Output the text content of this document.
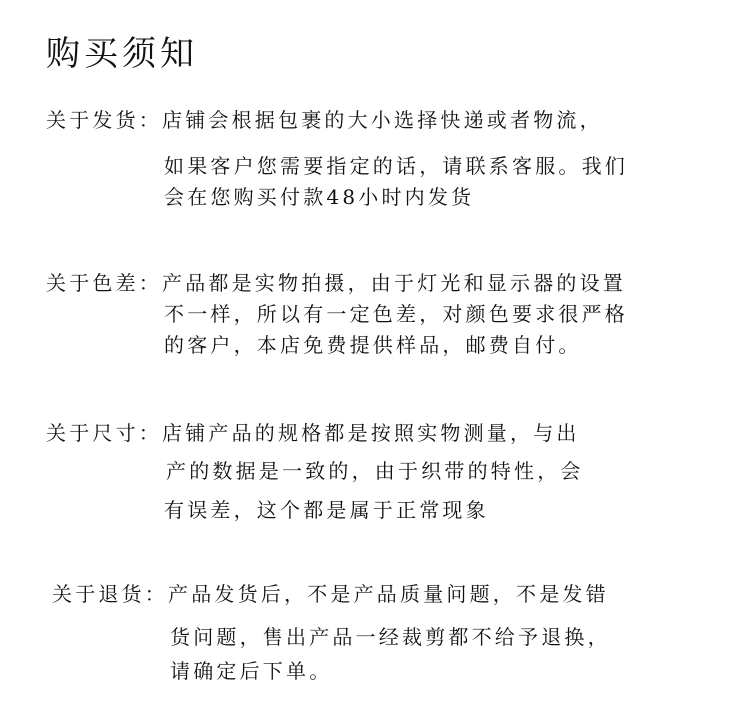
购买须知
关于发货：店铺会根据包裹的大小选择快递或者物流，
如果客户您需要指定的话，请联系客服。我们
会在您购买付款48小时内发货
关于色差：产品都是实物拍摄，由于灯光和显示器的设置
不一样，所以有一定色差，对颜色要求很严格
的客户，本店免费提供样品，邮费自付。
关于尺寸：店铺产品的规格都是按照实物测量，与出
产的数据是一致的，由于织带的特性，会
有误差，这个都是属于正常现象
关于退货：产品发货后，不是产品质量问题，不是发错
货问题，售出产品一经裁剪都不给予退换，
请确定后下单。
